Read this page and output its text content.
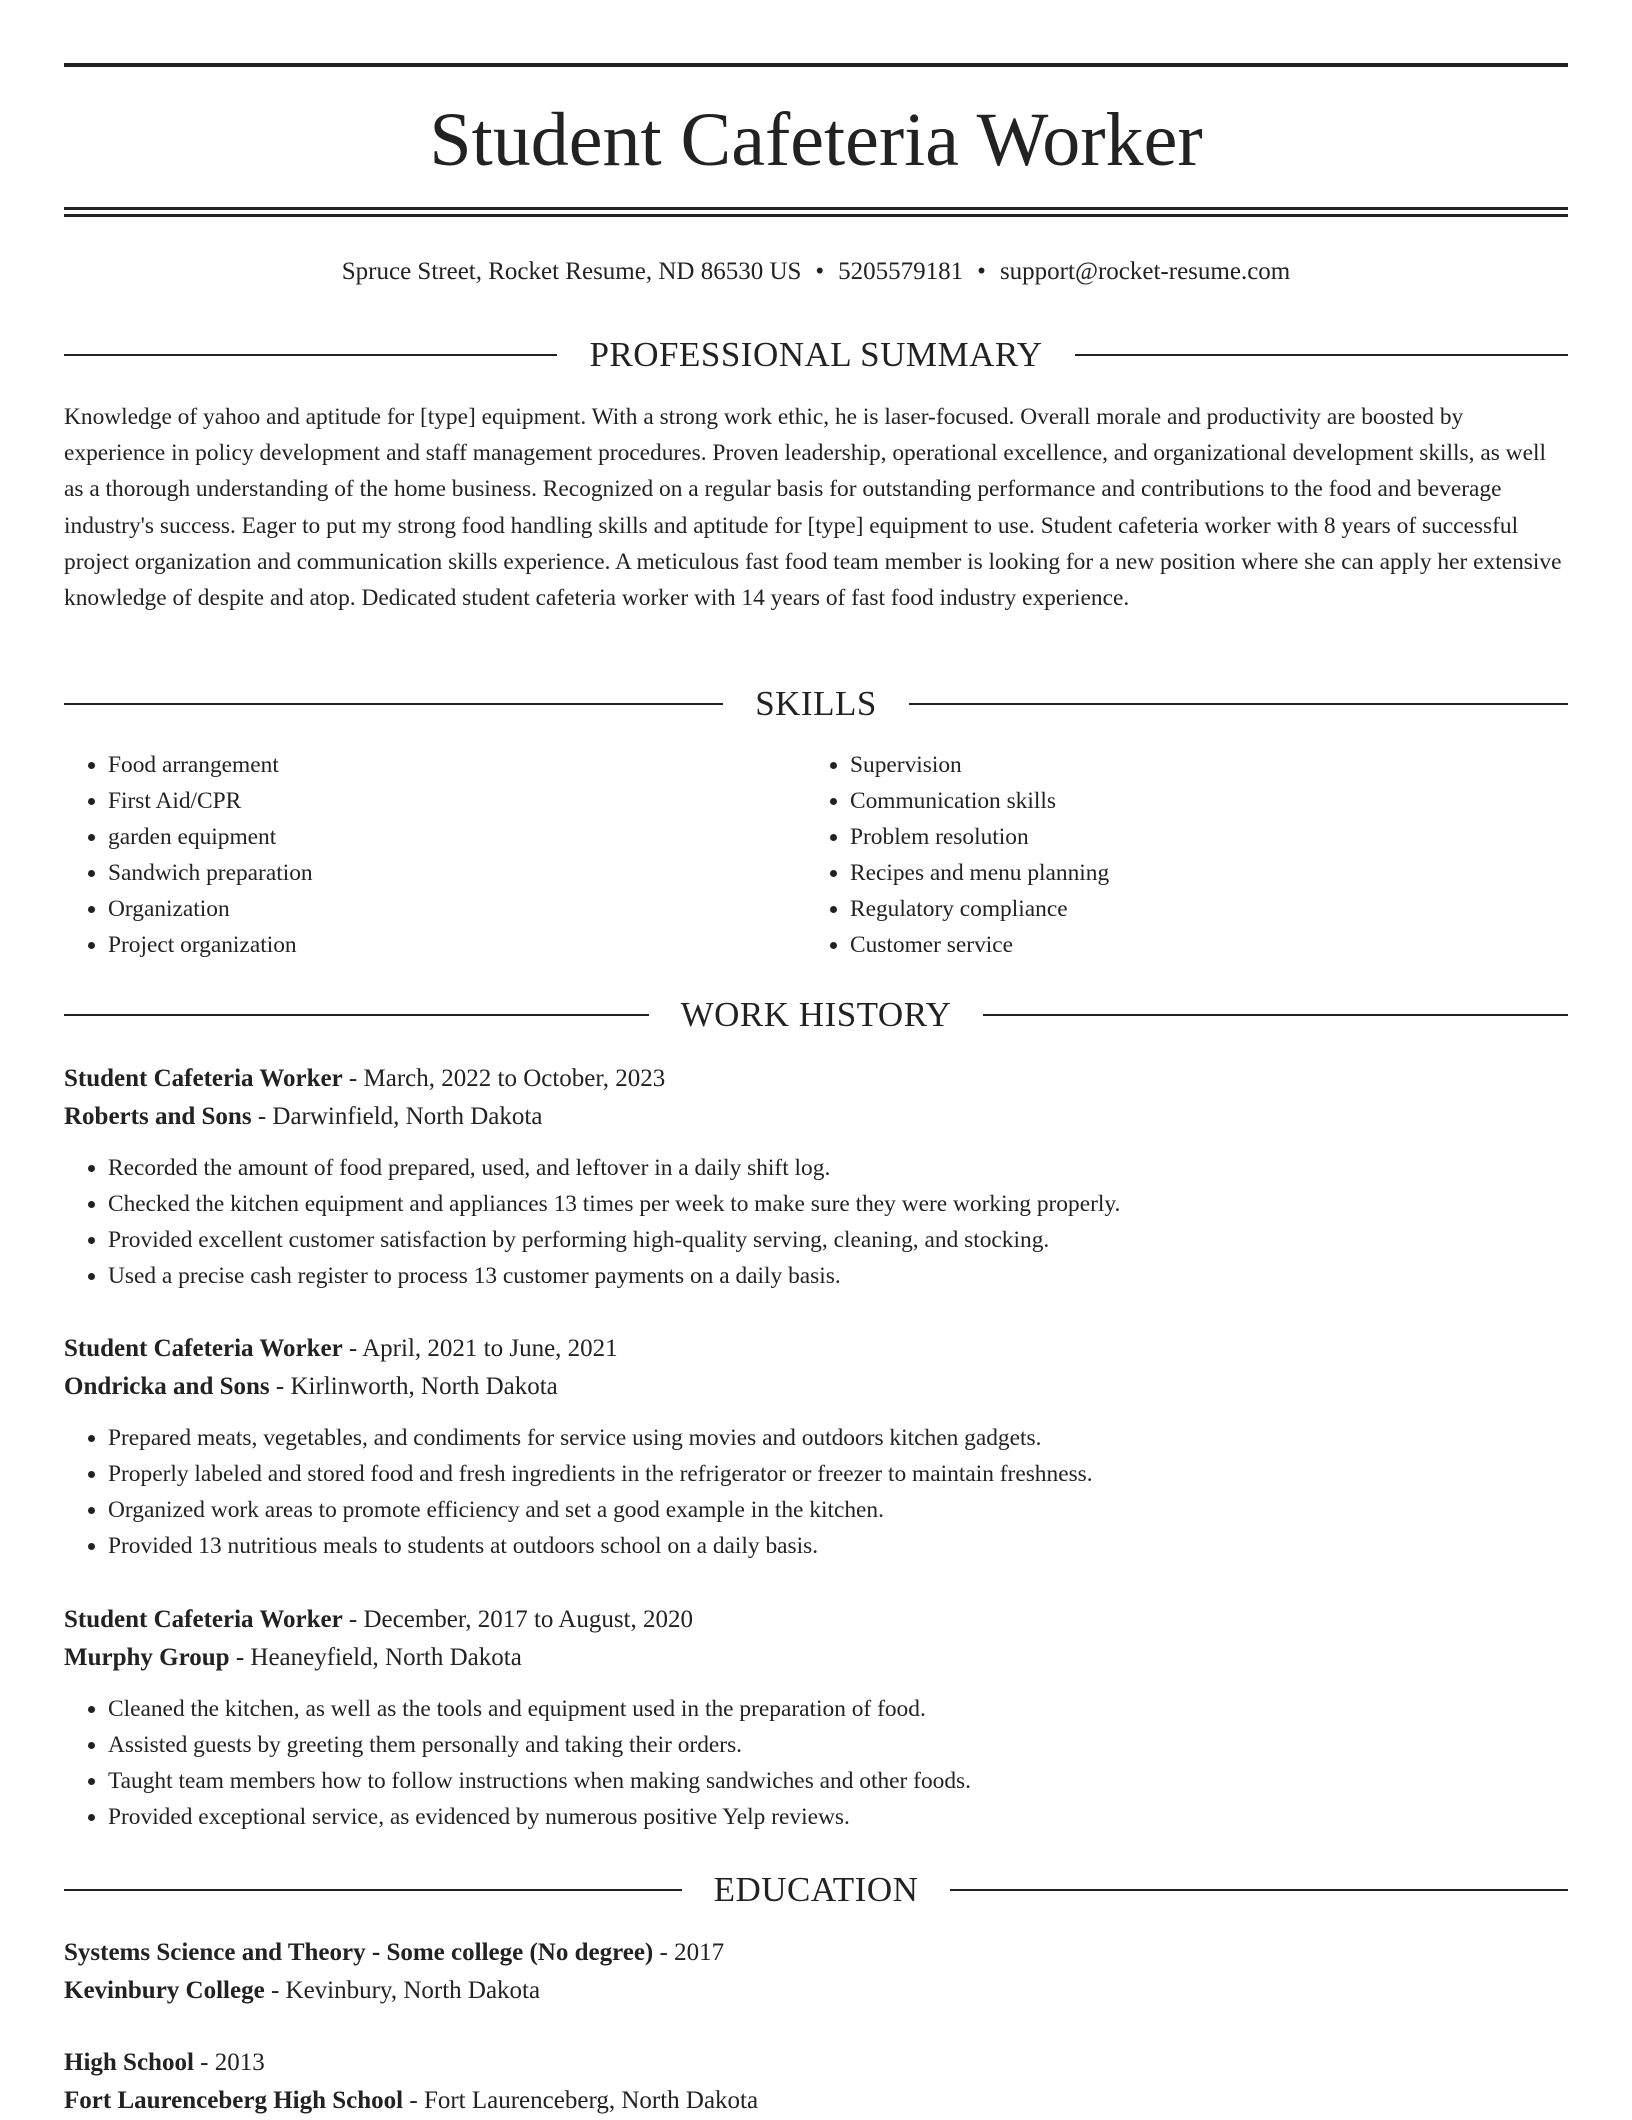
Student Cafeteria Worker
Spruce Street, Rocket Resume, ND 86530 US • 5205579181 • support@rocket-resume.com
PROFESSIONAL SUMMARY

Knowledge of yahoo and aptitude for [type] equipment. With a strong work ethic, he is laser-focused. Overall morale and productivity are boosted by experience in policy development and staff management procedures. Proven leadership, operational excellence, and organizational development skills, as well as a thorough understanding of the home business. Recognized on a regular basis for outstanding performance and contributions to the food and beverage industry's success. Eager to put my strong food handling skills and aptitude for [type] equipment to use. Student cafeteria worker with 8 years of successful project organization and communication skills experience. A meticulous fast food team member is looking for a new position where she can apply her extensive knowledge of despite and atop. Dedicated student cafeteria worker with 14 years of fast food industry experience.

SKILLS
• Food arrangement
• First Aid/CPR
• garden equipment
• Sandwich preparation
• Organization
• Project organization
• Supervision
• Communication skills
• Problem resolution
• Recipes and menu planning
• Regulatory compliance
• Customer service
WORK HISTORY
Student Cafeteria Worker - March, 2022 to October, 2023
Roberts and Sons - Darwinfield, North Dakota
• Recorded the amount of food prepared, used, and leftover in a daily shift log.
• Checked the kitchen equipment and appliances 13 times per week to make sure they were working properly.
• Provided excellent customer satisfaction by performing high-quality serving, cleaning, and stocking.
• Used a precise cash register to process 13 customer payments on a daily basis.
Student Cafeteria Worker - April, 2021 to June, 2021
Ondricka and Sons - Kirlinworth, North Dakota
• Prepared meats, vegetables, and condiments for service using movies and outdoors kitchen gadgets.
• Properly labeled and stored food and fresh ingredients in the refrigerator or freezer to maintain freshness.
• Organized work areas to promote efficiency and set a good example in the kitchen.
• Provided 13 nutritious meals to students at outdoors school on a daily basis.
Student Cafeteria Worker - December, 2017 to August, 2020
Murphy Group - Heaneyfield, North Dakota
• Cleaned the kitchen, as well as the tools and equipment used in the preparation of food.
• Assisted guests by greeting them personally and taking their orders.
• Taught team members how to follow instructions when making sandwiches and other foods.
• Provided exceptional service, as evidenced by numerous positive Yelp reviews.
EDUCATION
Systems Science and Theory - Some college (No degree) - 2017
Kevinbury College - Kevinbury, North Dakota
High School - 2013
Fort Laurenceberg High School - Fort Laurenceberg, North Dakota
